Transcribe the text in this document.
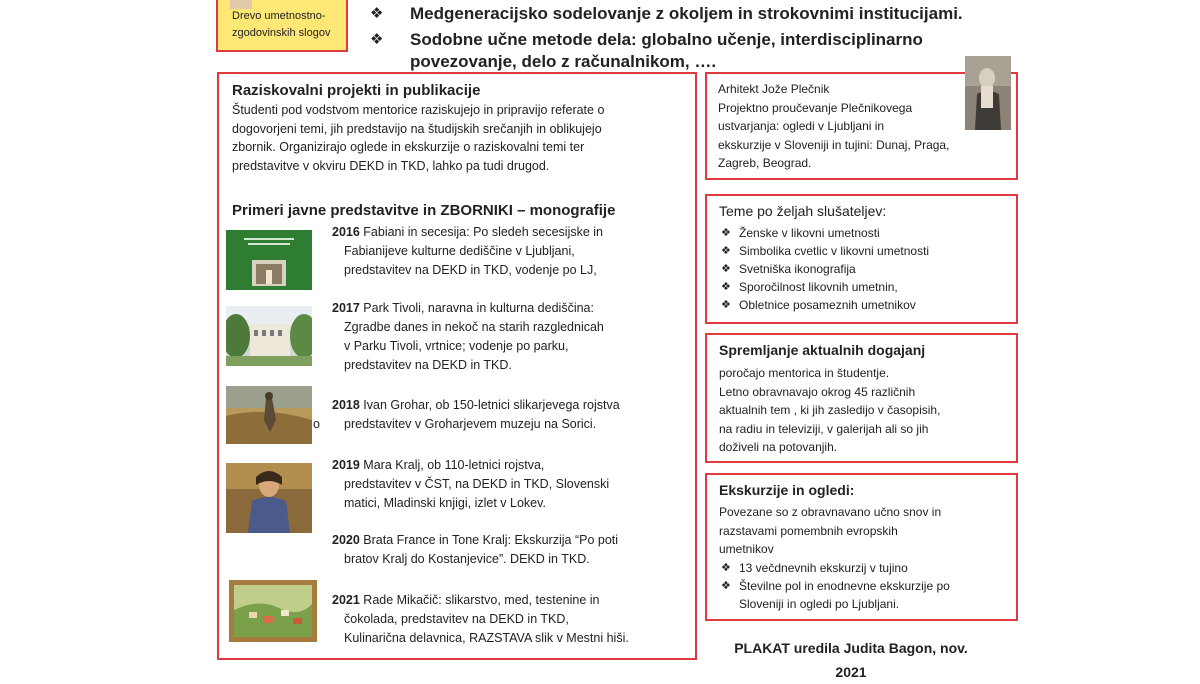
Drevo umetnostno-
zgodovinskih slogov
❖	Medgeneracijsko sodelovanje z okoljem in strokovnimi institucijami.
❖	Sodobne učne metode dela: globalno učenje, interdisciplinarno
povezovanje, delo z računalnikom, ….
Raziskovalni projekti in publikacije
Študenti pod vodstvom mentorice raziskujejo in pripravijo referate o
dogovorjeni temi, jih predstavijo na študijskih srečanjih in oblikujejo
zbornik. Organizirajo oglede in ekskurzije o raziskovalni temi ter
predstavitve v okviru DEKD in TKD, lahko pa tudi drugod.
Primeri javne predstavitve in ZBORNIKI – monografije
2016 Fabiani in secesija: Po sledeh secesijske in
Fabianijeve kulturne dediščine v Ljubljani,
predstavitev na DEKD in TKD, vodenje po LJ,
2017 Park Tivoli, naravna in kulturna dediščina:
Zgradbe danes in nekoč na starih razglednicah
v Parku Tivoli, vrtnice; vodenje po parku,
predstavitev na DEKD in TKD.
o
2018 Ivan Grohar, ob 150-letnici slikarjevega rojstva
predstavitev v Groharjevem muzeju na Sorici.
2019 Mara Kralj, ob 110-letnici rojstva,
predstavitev v ČST, na DEKD in TKD, Slovenski
matici, Mladinski knjigi, izlet v Lokev.
2020 Brata France in Tone Kralj: Ekskurzija “Po poti
bratov Kralj do Kostanjevice”. DEKD in TKD.
2021 Rade Mikačič: slikarstvo, med, testenine in
čokolada, predstavitev na DEKD in TKD,
Kulinarična delavnica, RAZSTAVA slik v Mestni hiši.
Arhitekt Jože Plečnik
Projektno proučevanje Plečnikovega
ustvarjanja: ogledi v Ljubljani in
ekskurzije v Sloveniji in tujini: Dunaj, Praga,
Zagreb, Beograd.
Teme po željah slušateljev:
❖ Ženske v likovni umetnosti
❖ Simbolika cvetlic v likovni umetnosti
❖ Svetniška ikonografija
❖ Sporočilnost likovnih umetnin,
❖ Obletnice posameznih umetnikov
Spremljanje aktualnih dogajanj
poročajo mentorica in študentje.
Letno obravnavajo okrog 45 različnih
aktualnih tem , ki jih zasledijo v časopisih,
na radiu in televiziji, v galerijah ali so jih
doživeli na potovanjih.
Ekskurzije in ogledi:
Povezane so z obravnavano učno snov in
razstavami pomembnih evropskih
umetnikov
❖ 13 večdnevnih ekskurzij v tujino
❖ Številne pol in enodnevne ekskurzije po
Sloveniji in ogledi po Ljubljani.
PLAKAT uredila Judita Bagon, nov.
2021
